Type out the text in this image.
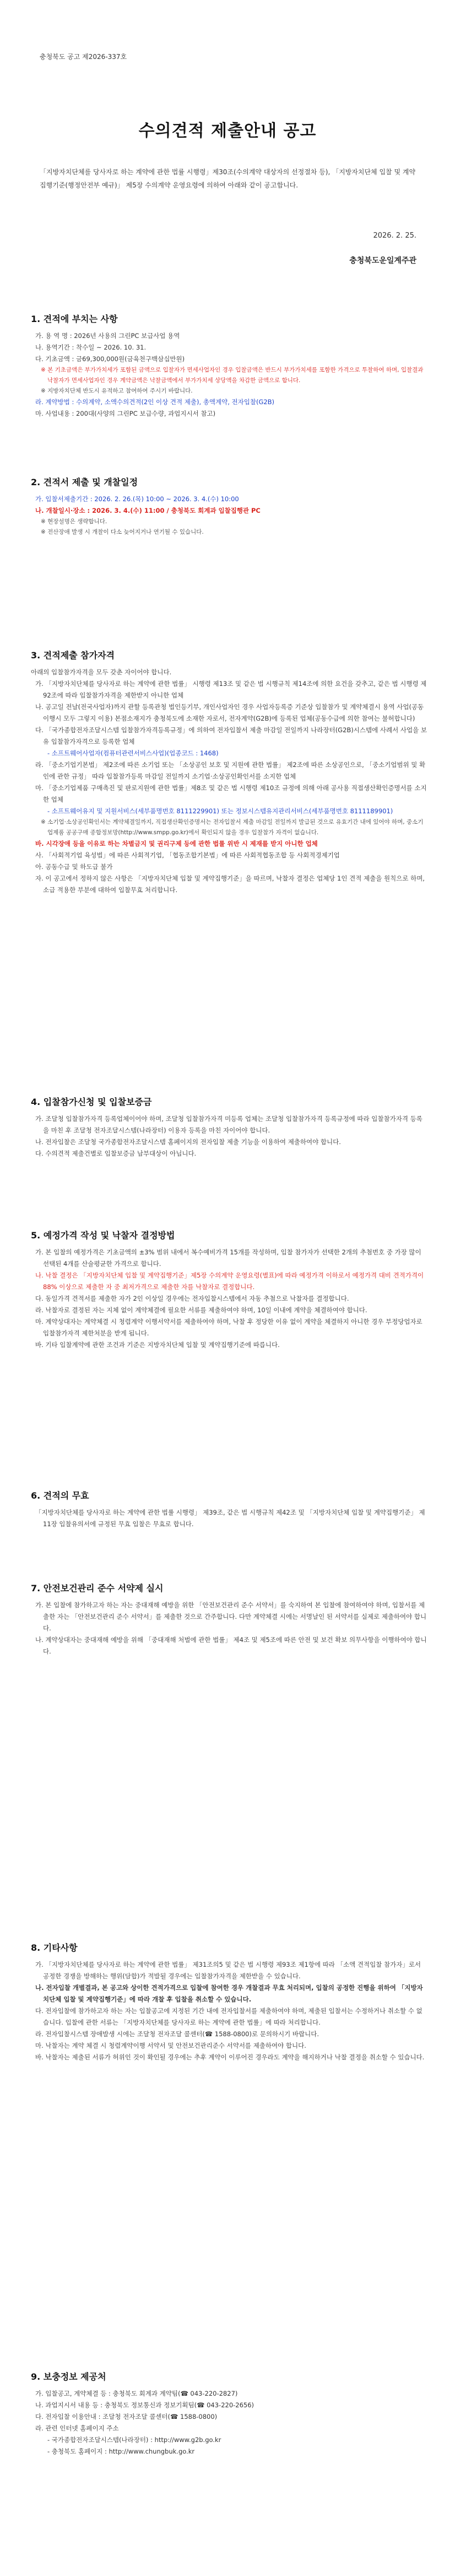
충청북도 공고 제2026-337호
수의견적 제출안내 공고
「지방자치단체를 당사자로 하는 계약에 관한 법률 시행령」제30조(수의계약 대상자의 선정절차 등), 「지방자치단체 입찰 및 계약집행기준(행정안전부 예규)」 제5장 수의계약 운영요령에 의하여 아래와 같이 공고합니다.
2026. 2. 25.
충청북도운일계주관

1. 견적에 부치는 사항

가. 용 역 명 : 2026년 사용의 그린PC 보급사업 용역

나. 용역기간 : 착수일 ~ 2026. 10. 31.

다. 기초금액 : 금69,300,000원(금육천구백삼십만원)

※ 본 기초금액은 부가가치세가 포함된 금액으로 입찰자가 면세사업자인 경우 입찰금액은 반드시 부가가치세를 포함한 가격으로 투찰하여 하며, 입찰결과 낙찰자가 면세사업자인 경우 계약금액은 낙찰금액에서 부가가치세 상당액을 차감한 금액으로 합니다.

※ 지방자치단체 반도시 유적하고 참여하여 주시기 바랍니다.

라. 계약방법 : 수의계약, 소액수의견적(2인 이상 견적 제출), 총액계약, 전자입찰(G2B)

마. 사업내용 : 200대(사양의 그린PC 보급수량, 과업지시서 참고)

2. 견적서 제출 및 개찰일정

가. 입찰서제출기간 : 2026. 2. 26.(목) 10:00 ~ 2026. 3. 4.(수) 10:00

나. 개찰일시·장소 : 2026. 3. 4.(수) 11:00 / 충청북도 회계과 입찰집행관 PC

※ 현장설명은 생략합니다.

※ 전산장애 발생 시 개찰이 다소 늦어지거나 연기될 수 있습니다.

3. 견적제출 참가자격

아래의 입찰참가자격을 모두 갖춘 자이어야 합니다.

가. 「지방자치단체를 당사자로 하는 계약에 관한 법률」 시행령 제13조 및 같은 법 시행규칙 제14조에 의한 요건을 갖추고, 같은 법 시행령 제92조에 따라 입찰참가자격을 제한받지 아니한 업체

나. 공고일 전날(전국사업자)까지 관할 등록관청 법인등기부, 개인사업자인 경우 사업자등록증 기준상 입찰참가 및 계약체결시 용역 사업(공동이행시 모두 그렇지 이용) 본점소재지가 충청북도에 소재한 자로서, 전자계약(G2B)에 등록된 업체(공동수급에 의한 참여는 불허합니다)

다. 「국가종합전자조달시스템 입찰참가자격등록규정」에 의하여 전자입찰서 제출 마감일 전일까지 나라장터(G2B)시스템에 사례서 사업을 보유 입찰참가자격으로 등록한 업체

- 소프트웨어사업자(컴퓨터관련서비스사업)(업종코드 : 1468)

라. 「중소기업기본법」 제2조에 따른 소기업 또는 「소상공인 보호 및 지원에 관한 법률」 제2조에 따른 소상공인으로, 「중소기업범위 및 확인에 관한 규정」 따라 입찰참가등록 마감일 전일까지 소기업·소상공인확인서를 소지한 업체

마. 「중소기업제품 구매촉진 및 판로지원에 관한 법률」제8조 및 같은 법 시행령 제10조 규정에 의해 아래 공사용 직접생산확인증명서를 소지한 업체

- 소프트웨어유지 및 지원서비스(세부품명번호 8111229901) 또는 정보시스템유지관리서비스(세부품명번호 8111189901)

※ 소기업·소상공인확인서는 계약체결일까지, 직접생산확인증명서는 전자입찰서 제출 마감일 전일까지 발급된 것으로 유효기간 내에 있어야 하며, 중소기업제품 공공구매 종합정보망(http://www.smpp.go.kr)에서 확인되지 않을 경우 입찰참가 자격이 없습니다.

바. 시각장애 등을 이유로 하는 차별금지 및 권리구제 등에 관한 법률 위반 시 제재를 받지 아니한 업체

사. 「사회적기업 육성법」에 따른 사회적기업, 「협동조합기본법」에 따른 사회적협동조합 등 사회적경제기업

아. 공동수급 및 하도급 불가

자. 이 공고에서 정하지 않은 사항은 「지방자치단체 입찰 및 계약집행기준」을 따르며, 낙찰자 결정은 업체당 1인 견적 제출을 원칙으로 하며, 소급 적용한 부분에 대하여 입찰무효 처리합니다.

4. 입찰참가신청 및 입찰보증금

가. 조달청 입찰참가자격 등록업체이어야 하며, 조달청 입찰참가자격 미등록 업체는 조달청 입찰참가자격 등록규정에 따라 입찰참가자격 등록을 마친 후 조달청 전자조달시스템(나라장터) 이용자 등록을 마친 자이어야 합니다.

나. 전자입찰은 조달청 국가종합전자조달시스템 홈페이지의 전자입찰 제출 기능을 이용하여 제출하여야 합니다.

다. 수의견적 제출건별로 입찰보증금 납부대상이 아닙니다.

5. 예정가격 작성 및 낙찰자 결정방법

가. 본 입찰의 예정가격은 기초금액의 ±3% 범위 내에서 복수예비가격 15개를 작성하며, 입찰 참가자가 선택한 2개의 추첨번호 중 가장 많이 선택된 4개를 산술평균한 가격으로 합니다.

나. 낙찰 결정은 「지방자치단체 입찰 및 계약집행기준」제5장 수의계약 운영요령(별표)에 따라 예정가격 이하로서 예정가격 대비 견적가격이 88% 이상으로 제출한 자 중 최저가격으로 제출한 자를 낙찰자로 결정합니다.

다. 동일가격 견적서를 제출한 자가 2인 이상일 경우에는 전자입찰시스템에서 자동 추첨으로 낙찰자를 결정합니다.

라. 낙찰자로 결정된 자는 지체 없이 계약체결에 필요한 서류를 제출하여야 하며, 10일 이내에 계약을 체결하여야 합니다.

마. 계약상대자는 계약체결 시 청렴계약 이행서약서를 제출하여야 하며, 낙찰 후 정당한 이유 없이 계약을 체결하지 아니한 경우 부정당업자로 입찰참가자격 제한처분을 받게 됩니다.

바. 기타 입찰계약에 관한 조건과 기준은 지방자치단체 입찰 및 계약집행기준에 따릅니다.

6. 견적의 무효

「지방자치단체를 당사자로 하는 계약에 관한 법률 시행령」 제39조, 같은 법 시행규칙 제42조 및 「지방자치단체 입찰 및 계약집행기준」 제11장 입찰유의서에 규정된 무효 입찰은 무효로 합니다.

7. 안전보건관리 준수 서약제 실시

가. 본 입찰에 참가하고자 하는 자는 중대재해 예방을 위한 「안전보건관리 준수 서약서」를 숙지하여 본 입찰에 참여하여야 하며, 입찰서를 제출한 자는 「안전보건관리 준수 서약서」를 제출한 것으로 간주합니다. 다만 계약체결 시에는 서명날인 된 서약서를 실제로 제출하여야 합니다.

나. 계약상대자는 중대재해 예방을 위해 「중대재해 처벌에 관한 법률」 제4조 및 제5조에 따른 안전 및 보건 확보 의무사항을 이행하여야 합니다.

8. 기타사항

가. 「지방자치단체를 당사자로 하는 계약에 관한 법률」 제31조의5 및 같은 법 시행령 제93조 제1항에 따라 「소액 견적입찰 참가자」로서 공정한 경쟁을 방해하는 행위(담합)가 적발될 경우에는 입찰참가자격을 제한받을 수 있습니다.

나. 전자입찰 개별결과, 본 공고와 상이한 견적가격으로 입찰에 참여한 경우 개찰결과 무효 처리되며, 입찰의 공정한 진행을 위하여 「지방자치단체 입찰 및 계약집행기준」에 따라 개찰 후 입찰을 취소할 수 있습니다.

다. 전자입찰에 참가하고자 하는 자는 입찰공고에 지정된 기간 내에 전자입찰서를 제출하여야 하며, 제출된 입찰서는 수정하거나 취소할 수 없습니다. 입찰에 관한 서류는 「지방자치단체를 당사자로 하는 계약에 관한 법률」에 따라 처리합니다.

라. 전자입찰시스템 장애발생 시에는 조달청 전자조달 콜센터(☎ 1588-0800)로 문의하시기 바랍니다.

마. 낙찰자는 계약 체결 시 청렴계약이행 서약서 및 안전보건관리준수 서약서를 제출하여야 합니다.

바. 낙찰자는 제출된 서류가 허위인 것이 확인될 경우에는 추후 계약이 이루어진 경우라도 계약을 해지하거나 낙찰 결정을 취소할 수 있습니다.

9. 보충정보 제공처

가. 입찰공고, 계약체결 등 : 충청북도 회계과 계약팀(☎ 043-220-2827)

나. 과업지시서 내용 등 : 충청북도 정보통신과 정보기획팀(☎ 043-220-2656)

다. 전자입찰 이용안내 : 조달청 전자조달 콜센터(☎ 1588-0800)

라. 관련 인터넷 홈페이지 주소

- 국가종합전자조달시스템(나라장터) : http://www.g2b.go.kr

- 충청북도 홈페이지 : http://www.chungbuk.go.kr
